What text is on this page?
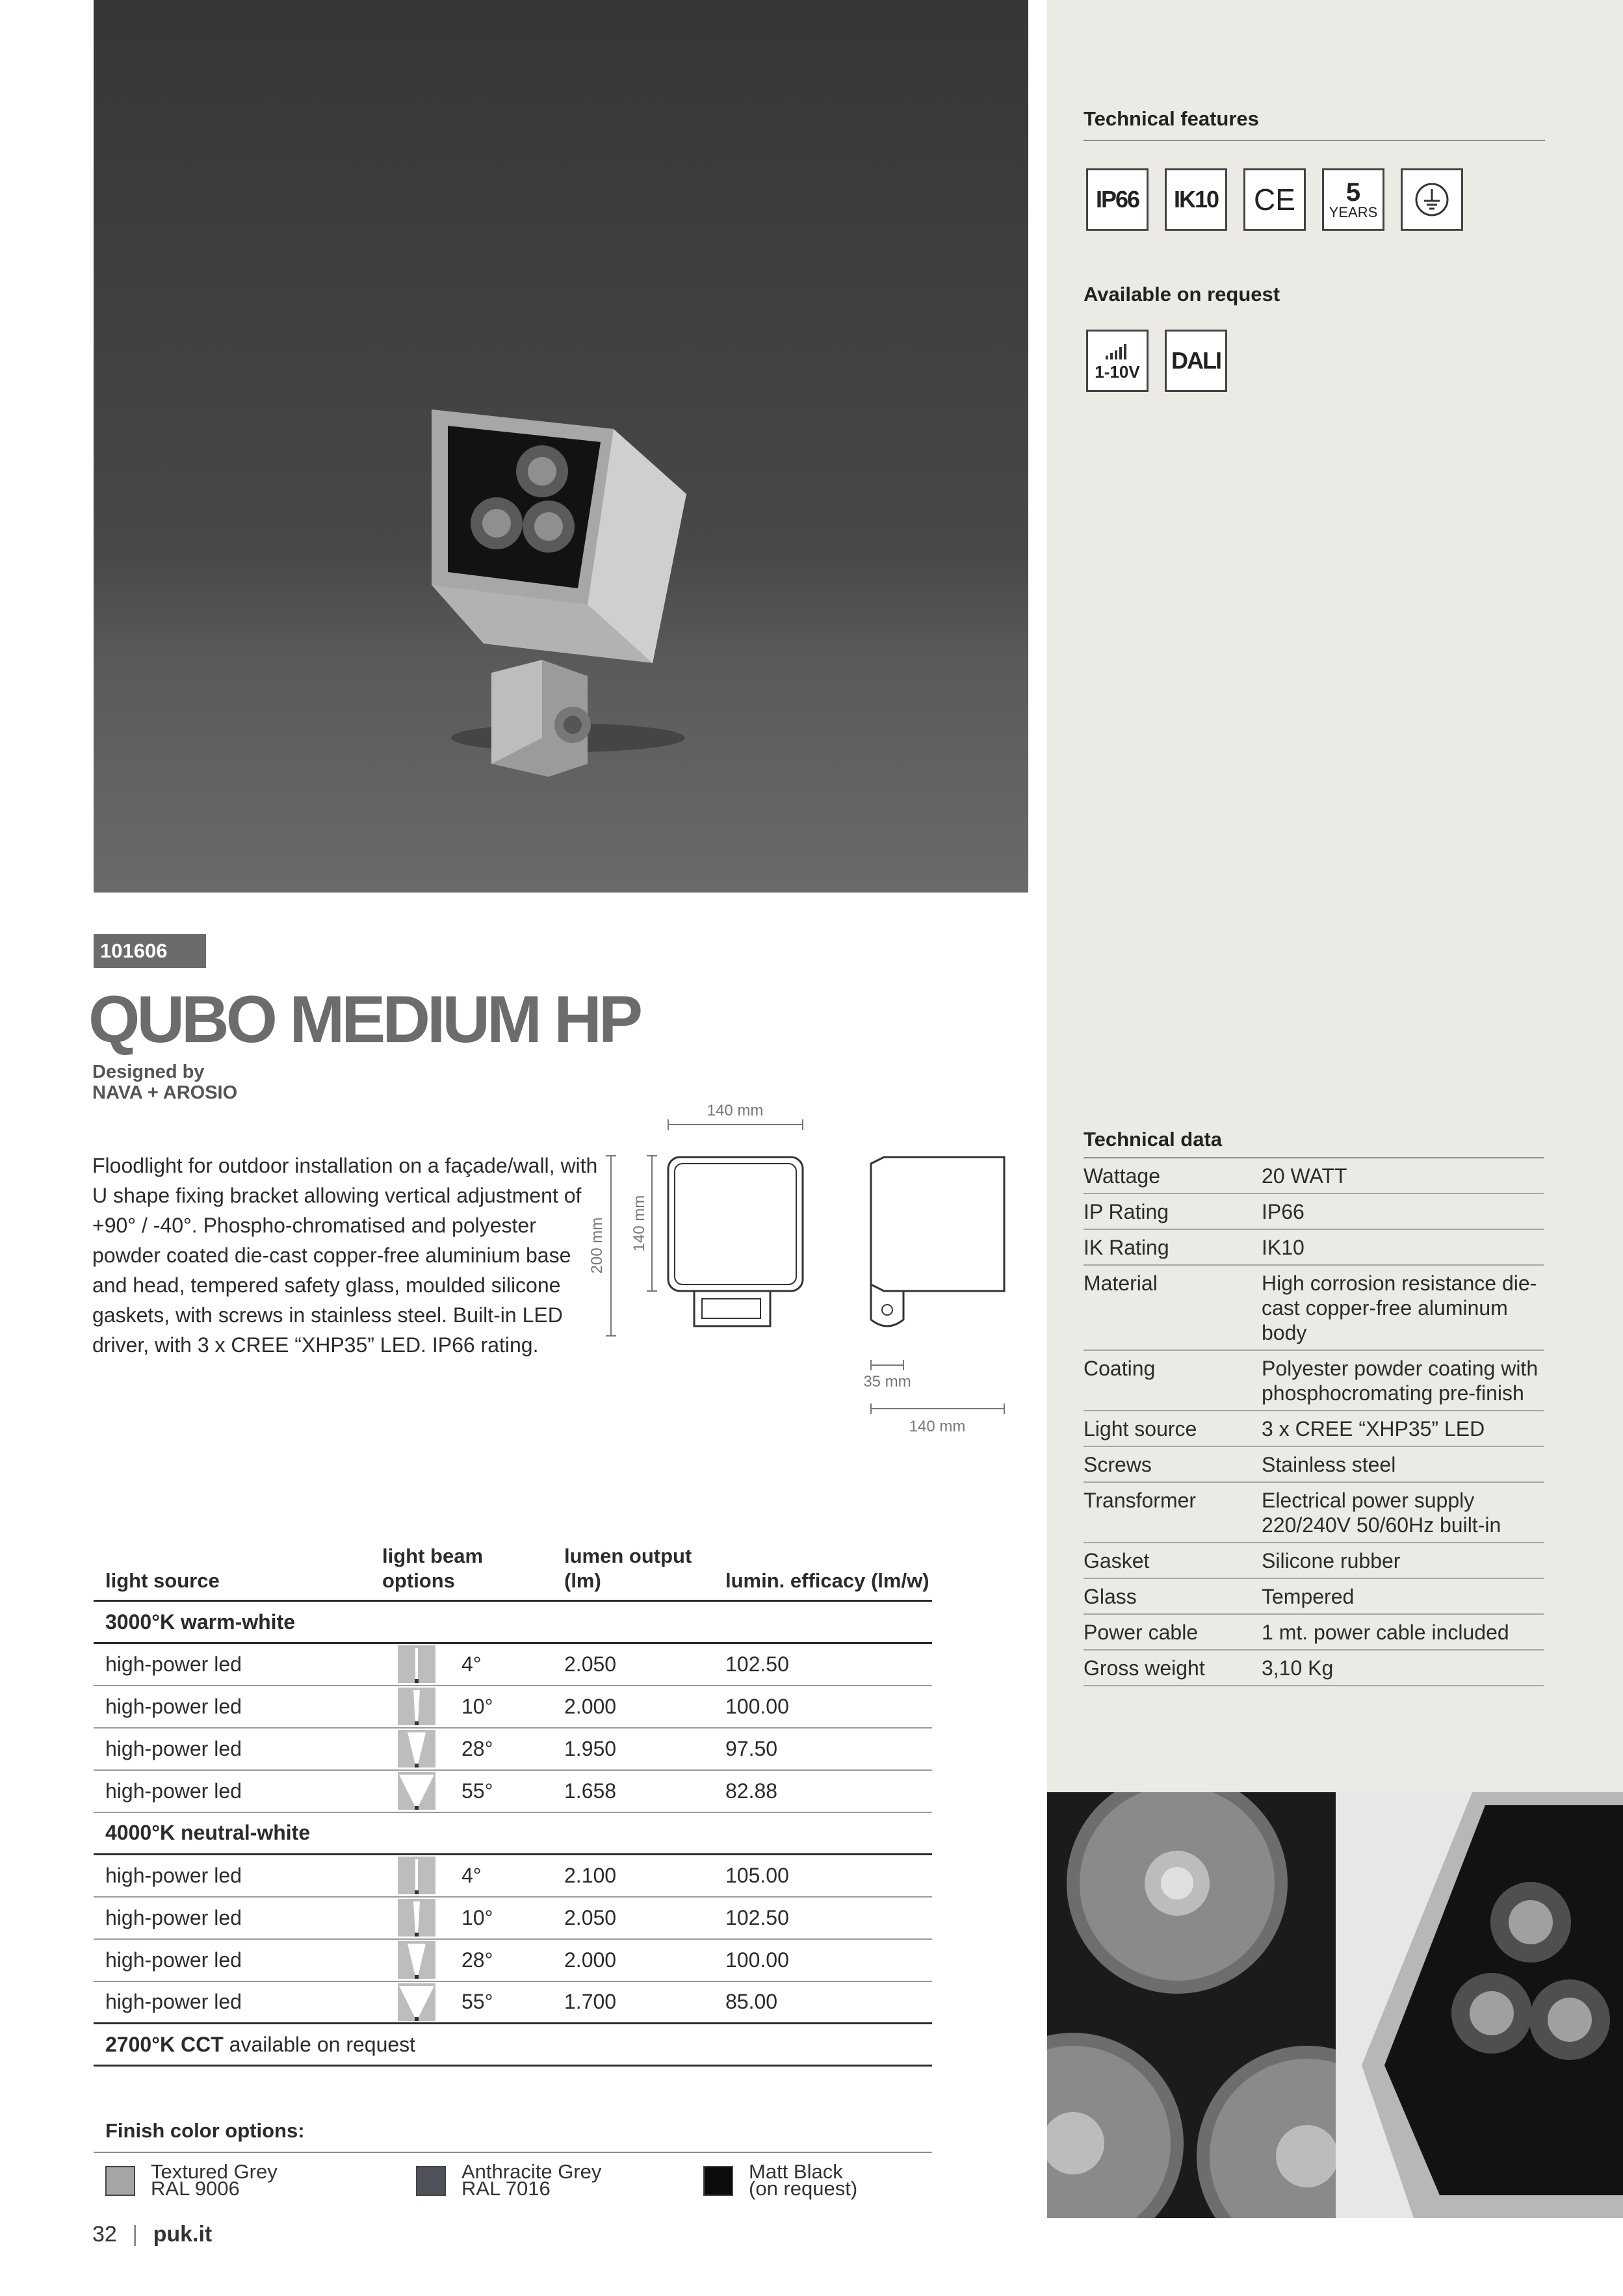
Technical features
IP66 IK10 CE 5
YEARS
Available on request
1-10V DALI
101606
QUBO MEDIUM HP
Designed by
NAVA + AROSIO
Floodlight for outdoor installation on a façade/wall, with U shape fixing bracket allowing vertical adjustment of +90° / -40°. Phospho-chromatised and polyester powder coated die-cast copper-free aluminium base and head, tempered safety glass, moulded silicone gaskets, with screws in stainless steel. Built-in LED driver, with 3 x CREE “XHP35” LED. IP66 rating.
140 mm
200 mm 140 mm
35 mm
140 mm
Technical data
Wattage	20 WATT
IP Rating	IP66
IK Rating	IK10
Material	High corrosion resistance die-cast copper-free aluminum body
Coating	Polyester powder coating with phosphocromating pre-finish
Light source	3 x CREE “XHP35” LED
Screws	Stainless steel
Transformer	Electrical power supply 220/240V 50/60Hz built-in
Gasket	Silicone rubber
Glass	Tempered
Power cable	1 mt. power cable included
Gross weight	3,10 Kg
light source	light beam options	lumen output (lm)	lumin. efficacy (lm/w)
3000°K warm-white			
high-power led	4°	2.050	102.50
high-power led	10°	2.000	100.00
high-power led	28°	1.950	97.50
high-power led	55°	1.658	82.88
4000°K neutral-white			
high-power led	4°	2.100	105.00
high-power led	10°	2.050	102.50
high-power led	28°	2.000	100.00
high-power led	55°	1.700	85.00
2700°K CCT available on request			
Finish color options:
Textured Grey
RAL 9006
Anthracite Grey
RAL 7016
Matt Black
(on request)
32 | puk.it
